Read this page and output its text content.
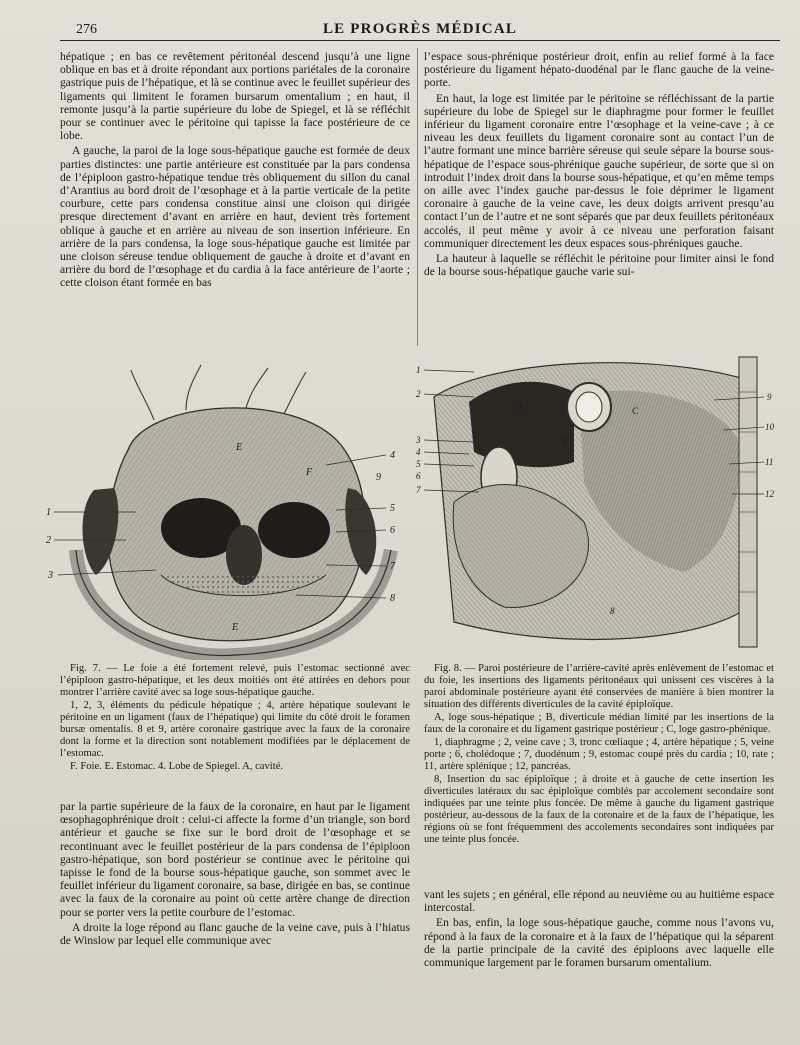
276	LE PROGRÈS MÉDICAL

hépatique ; en bas ce revêtement péritonéal descend jusqu’à une ligne oblique en bas et à droite répondant aux portions pariétales de la coronaire gastrique puis de l’hépatique, et là se continue avec le feuillet supérieur des ligaments qui limitent le foramen bursarum omentalium ; en haut, il remonte jusqu’à la partie supérieure du lobe de Spiegel, et là se réfléchit pour se continuer avec le péritoine qui tapisse la face postérieure de ce lobe.

A gauche, la paroi de la loge sous-hépatique gauche est formée de deux parties distinctes: une partie antérieure est constituée par la pars condensa de l’épiploon gastro-hépatique tendue très obliquement du sillon du canal d’Arantius au bord droit de l’œsophage et à la partie verticale de la petite courbure, cette pars condensa constitue ainsi une cloison qui dirigée presque directement d’avant en arrière en haut, devient très fortement oblique à gauche et en arrière au niveau de son insertion inférieure. En arrière de la pars condensa, la loge sous-hépatique gauche est limitée par une cloison séreuse tendue obliquement de gauche à droite et d’avant en arrière du bord de l’œsophage et du cardia à la face antérieure de l’aorte ; cette cloison étant formée en bas

l’espace sous-phrénique postérieur droit, enfin au relief formé à la face postérieure du ligament hépato-duodénal par le flanc gauche de la veine-porte.

En haut, la loge est limitée par le péritoine se réfléchissant de la partie supérieure du lobe de Spiegel sur le diaphragme pour former le feuillet inférieur du ligament coronaire entre l’œsophage et la veine-cave ; à ce niveau les deux feuillets du ligament coronaire sont au contact l’un de l’autre formant une mince barrière séreuse qui seule sépare la bourse sous-hépatique de l’espace sous-phrénique gauche supérieur, de sorte que si on introduit l’index droit dans la bourse sous-hépatique, et qu’en même temps on aille avec l’index gauche par-dessus le foie déprimer le ligament coronaire à gauche de la veine cave, les deux doigts arrivent presqu’au contact l’un de l’autre et ne sont séparés que par deux feuillets péritonéaux accolés, il peut même y avoir à ce niveau une perforation faisant communiquer directement les deux espaces sous-phréniques gauche.

La hauteur à laquelle se réfléchit le péritoine pour limiter ainsi le fond de la bourse sous-hépatique gauche varie sui-

1
2
3
4
5
6
7
8
9
E
F
A
E
1
2
3
4
5
6
7
8
9
10
11
12
A
B
C

Fig. 7. — Le foie a été fortement relevé, puis l’estomac sectionné avec l’épiploon gastro-hépatique, et les deux moitiés ont été attirées en dehors pour montrer l’arrière cavité avec sa loge sous-hépatique gauche.

1, 2, 3, éléments du pédicule hépatique ; 4, artère hépatique soulevant le péritoine en un ligament (faux de l’hépatique) qui limite du côté droit le foramen bursæ omentalis. 8 et 9, artère coronaire gastrique avec la faux de la coronaire dont la forme et la direction sont notablement modifiées par le déplacement de l’estomac.

F. Foie. E. Estomac. 4. Lobe de Spiegel. A, cavité.

Fig. 8. — Paroi postérieure de l’arrière-cavité après enlèvement de l’estomac et du foie, les insertions des ligaments péritonéaux qui unissent ces viscères à la paroi abdominale postérieure ayant été conservées de manière à bien montrer la situation des différents diverticules de la cavité épiploïque.

A, loge sous-hépatique ; B, diverticule médian limité par les insertions de la faux de la coronaire et du ligament gastrique postérieur ; C, loge gastro-phénique.

1, diaphragme ; 2, veine cave ; 3, tronc cœliaque ; 4, artère hépatique ; 5, veine porte ; 6, cholédoque ; 7, duodénum ; 9, estomac coupé près du cardia ; 10, rate ; 11, artère splénique ; 12, pancréas.

8, Insertion du sac épiploïque ; à droite et à gauche de cette insertion les diverticules latéraux du sac épiploïque comblés par accolement secondaire sont indiquées par une teinte plus foncée. De même à gauche du ligament gastrique postérieur, au-dessous de la faux de la coronaire et de la faux de l’hépatique, les régions où se font fréquemment des accolements secondaires sont indiquées par une teinte plus foncée.

par la partie supérieure de la faux de la coronaire, en haut par le ligament œsophagophrénique droit : celui-ci affecte la forme d’un triangle, son bord antérieur et gauche se fixe sur le bord droit de l’œsophage et se recontinuant avec le feuillet postérieur de la pars condensa de l’épiploon gastro-hépatique, son bord postérieur se continue avec le péritoine qui tapisse le fond de la bourse sous-hépatique gauche, son sommet avec le feuillet inférieur du ligament coronaire, sa base, dirigée en bas, se continue avec la faux de la coronaire au point où cette artère change de direction pour se porter vers la petite courbure de l’estomac.

A droite la loge répond au flanc gauche de la veine cave, puis à l’hiatus de Winslow par lequel elle communique avec

vant les sujets ; en général, elle répond au neuvième ou au huitième espace intercostal.

En bas, enfin, la loge sous-hépatique gauche, comme nous l’avons vu, répond à la faux de la coronaire et à la faux de l’hépatique qui la séparent de la partie principale de la cavité des épiploons avec laquelle elle communique largement par le foramen bursarum omentalium.
